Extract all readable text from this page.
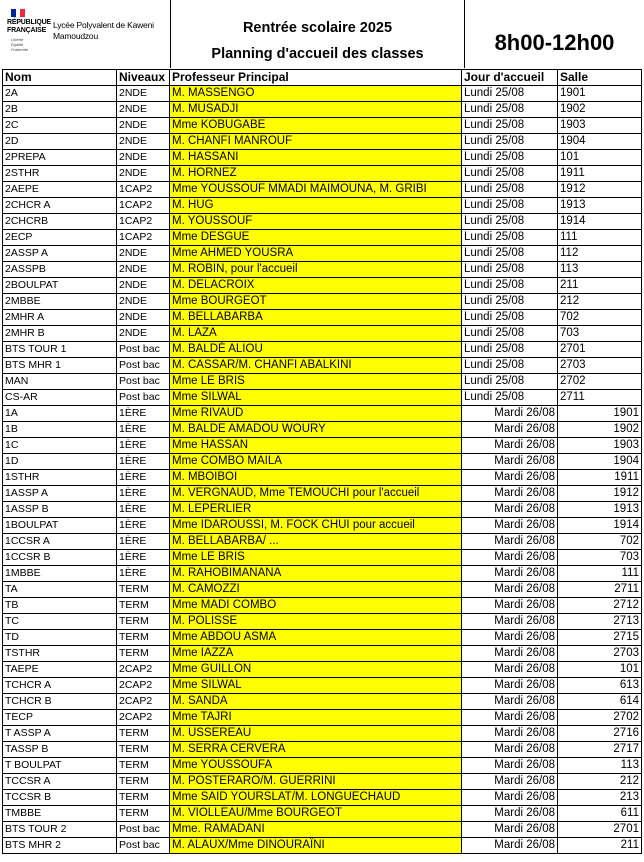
RÉPUBLIQUE
FRANÇAISE
Liberté
Égalité
Fraternité
Lycée Polyvalent de Kaweni
Mamoudzou	Rentrée scolaire 2025
Planning d'accueil des classes	8h00-12h00
Nom	Niveaux	Professeur Principal	Jour d'accueil	Salle
2A	2NDE	M. MASSENGO	Lundi 25/08	1901
2B	2NDE	M. MUSADJI	Lundi 25/08	1902
2C	2NDE	Mme KOBUGABE	Lundi 25/08	1903
2D	2NDE	M. CHANFI MANROUF	Lundi 25/08	1904
2PREPA	2NDE	M. HASSANI	Lundi 25/08	101
2STHR	2NDE	M. HORNEZ	Lundi 25/08	1911
2AEPE	1CAP2	Mme YOUSSOUF MMADI MAIMOUNA, M. GRIBI	Lundi 25/08	1912
2CHCR A	1CAP2	M. HUG	Lundi 25/08	1913
2CHCRB	1CAP2	M. YOUSSOUF	Lundi 25/08	1914
2ECP	1CAP2	Mme DESGUE	Lundi 25/08	111
2ASSP A	2NDE	Mme AHMED YOUSRA	Lundi 25/08	112
2ASSPB	2NDE	M. ROBIN, pour l'accueil	Lundi 25/08	113
2BOULPAT	2NDE	M. DELACROIX	Lundi 25/08	211
2MBBE	2NDE	Mme BOURGEOT	Lundi 25/08	212
2MHR A	2NDE	M. BELLABARBA	Lundi 25/08	702
2MHR B	2NDE	M. LAZA	Lundi 25/08	703
BTS TOUR 1	Post bac	M. BALDÉ ALIOU	Lundi 25/08	2701
BTS MHR 1	Post bac	M. CASSAR/M. CHANFI ABALKINI	Lundi 25/08	2703
MAN	Post bac	Mme LE BRIS	Lundi 25/08	2702
CS-AR	Post bac	Mme SILWAL	Lundi 25/08	2711
1A	1ÈRE	Mme RIVAUD	Mardi 26/08	1901
1B	1ÈRE	M. BALDE AMADOU WOURY	Mardi 26/08	1902
1C	1ÈRE	Mme HASSAN	Mardi 26/08	1903
1D	1ÈRE	Mme COMBO MAILA	Mardi 26/08	1904
1STHR	1ÈRE	M. MBOIBOI	Mardi 26/08	1911
1ASSP A	1ÈRE	M. VERGNAUD, Mme TEMOUCHI pour l'accueil	Mardi 26/08	1912
1ASSP B	1ÈRE	M. LEPERLIER	Mardi 26/08	1913
1BOULPAT	1ÈRE	Mme IDAROUSSI, M. FOCK CHUI pour accueil	Mardi 26/08	1914
1CCSR A	1ÈRE	M. BELLABARBA/ ...	Mardi 26/08	702
1CCSR B	1ÈRE	Mme LE BRIS	Mardi 26/08	703
1MBBE	1ÈRE	M. RAHOBIMANANA	Mardi 26/08	111
TA	TERM	M. CAMOZZI	Mardi 26/08	2711
TB	TERM	Mme MADI COMBO	Mardi 26/08	2712
TC	TERM	M. POLISSE	Mardi 26/08	2713
TD	TERM	Mme ABDOU ASMA	Mardi 26/08	2715
TSTHR	TERM	Mme IAZZA	Mardi 26/08	2703
TAEPE	2CAP2	Mme GUILLON	Mardi 26/08	101
TCHCR A	2CAP2	Mme SILWAL	Mardi 26/08	613
TCHCR B	2CAP2	M. SANDA	Mardi 26/08	614
TECP	2CAP2	Mme TAJRI	Mardi 26/08	2702
T ASSP A	TERM	M. USSEREAU	Mardi 26/08	2716
TASSP B	TERM	M. SERRA CERVERA	Mardi 26/08	2717
T BOULPAT	TERM	Mme YOUSSOUFA	Mardi 26/08	113
TCCSR A	TERM	M. POSTERARO/M. GUERRINI	Mardi 26/08	212
TCCSR B	TERM	Mme SAID YOURSLAT/M. LONGUECHAUD	Mardi 26/08	213
TMBBE	TERM	M. VIOLLEAU/Mme BOURGEOT	Mardi 26/08	611
BTS TOUR 2	Post bac	Mme. RAMADANI	Mardi 26/08	2701
BTS MHR 2	Post bac	M. ALAUX/Mme DINOURAÏNI	Mardi 26/08	211
